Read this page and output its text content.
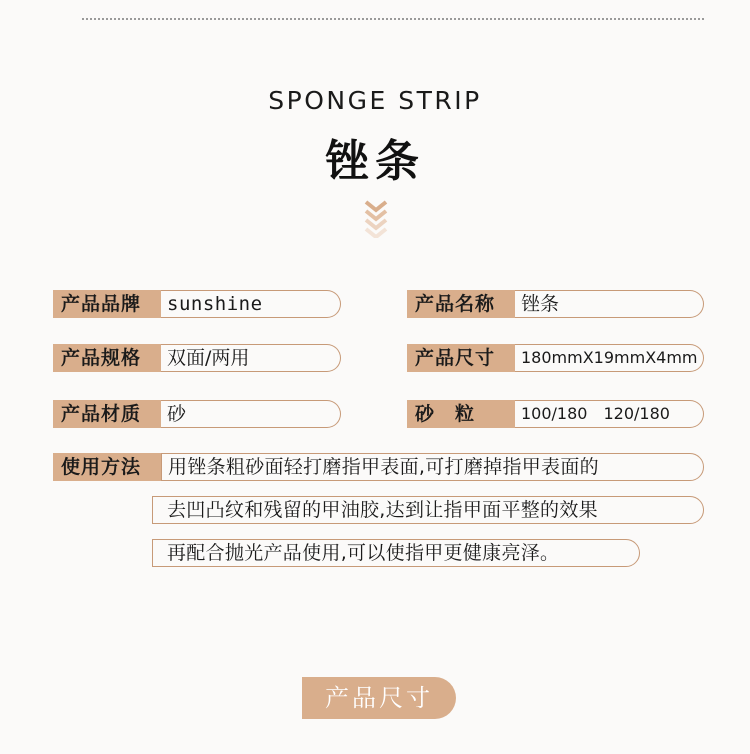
SPONGE STRIP
锉条
产品品牌	sunshine	产品名称	锉条
产品规格	双面/两用	产品尺寸	180mmX19mmX4mm
产品材质	砂	砂　粒	100/180　120/180
使用方法	用锉条粗砂面轻打磨指甲表面,可打磨掉指甲表面的
去凹凸纹和残留的甲油胶,达到让指甲面平整的效果
再配合抛光产品使用,可以使指甲更健康亮泽。
产品尺寸
